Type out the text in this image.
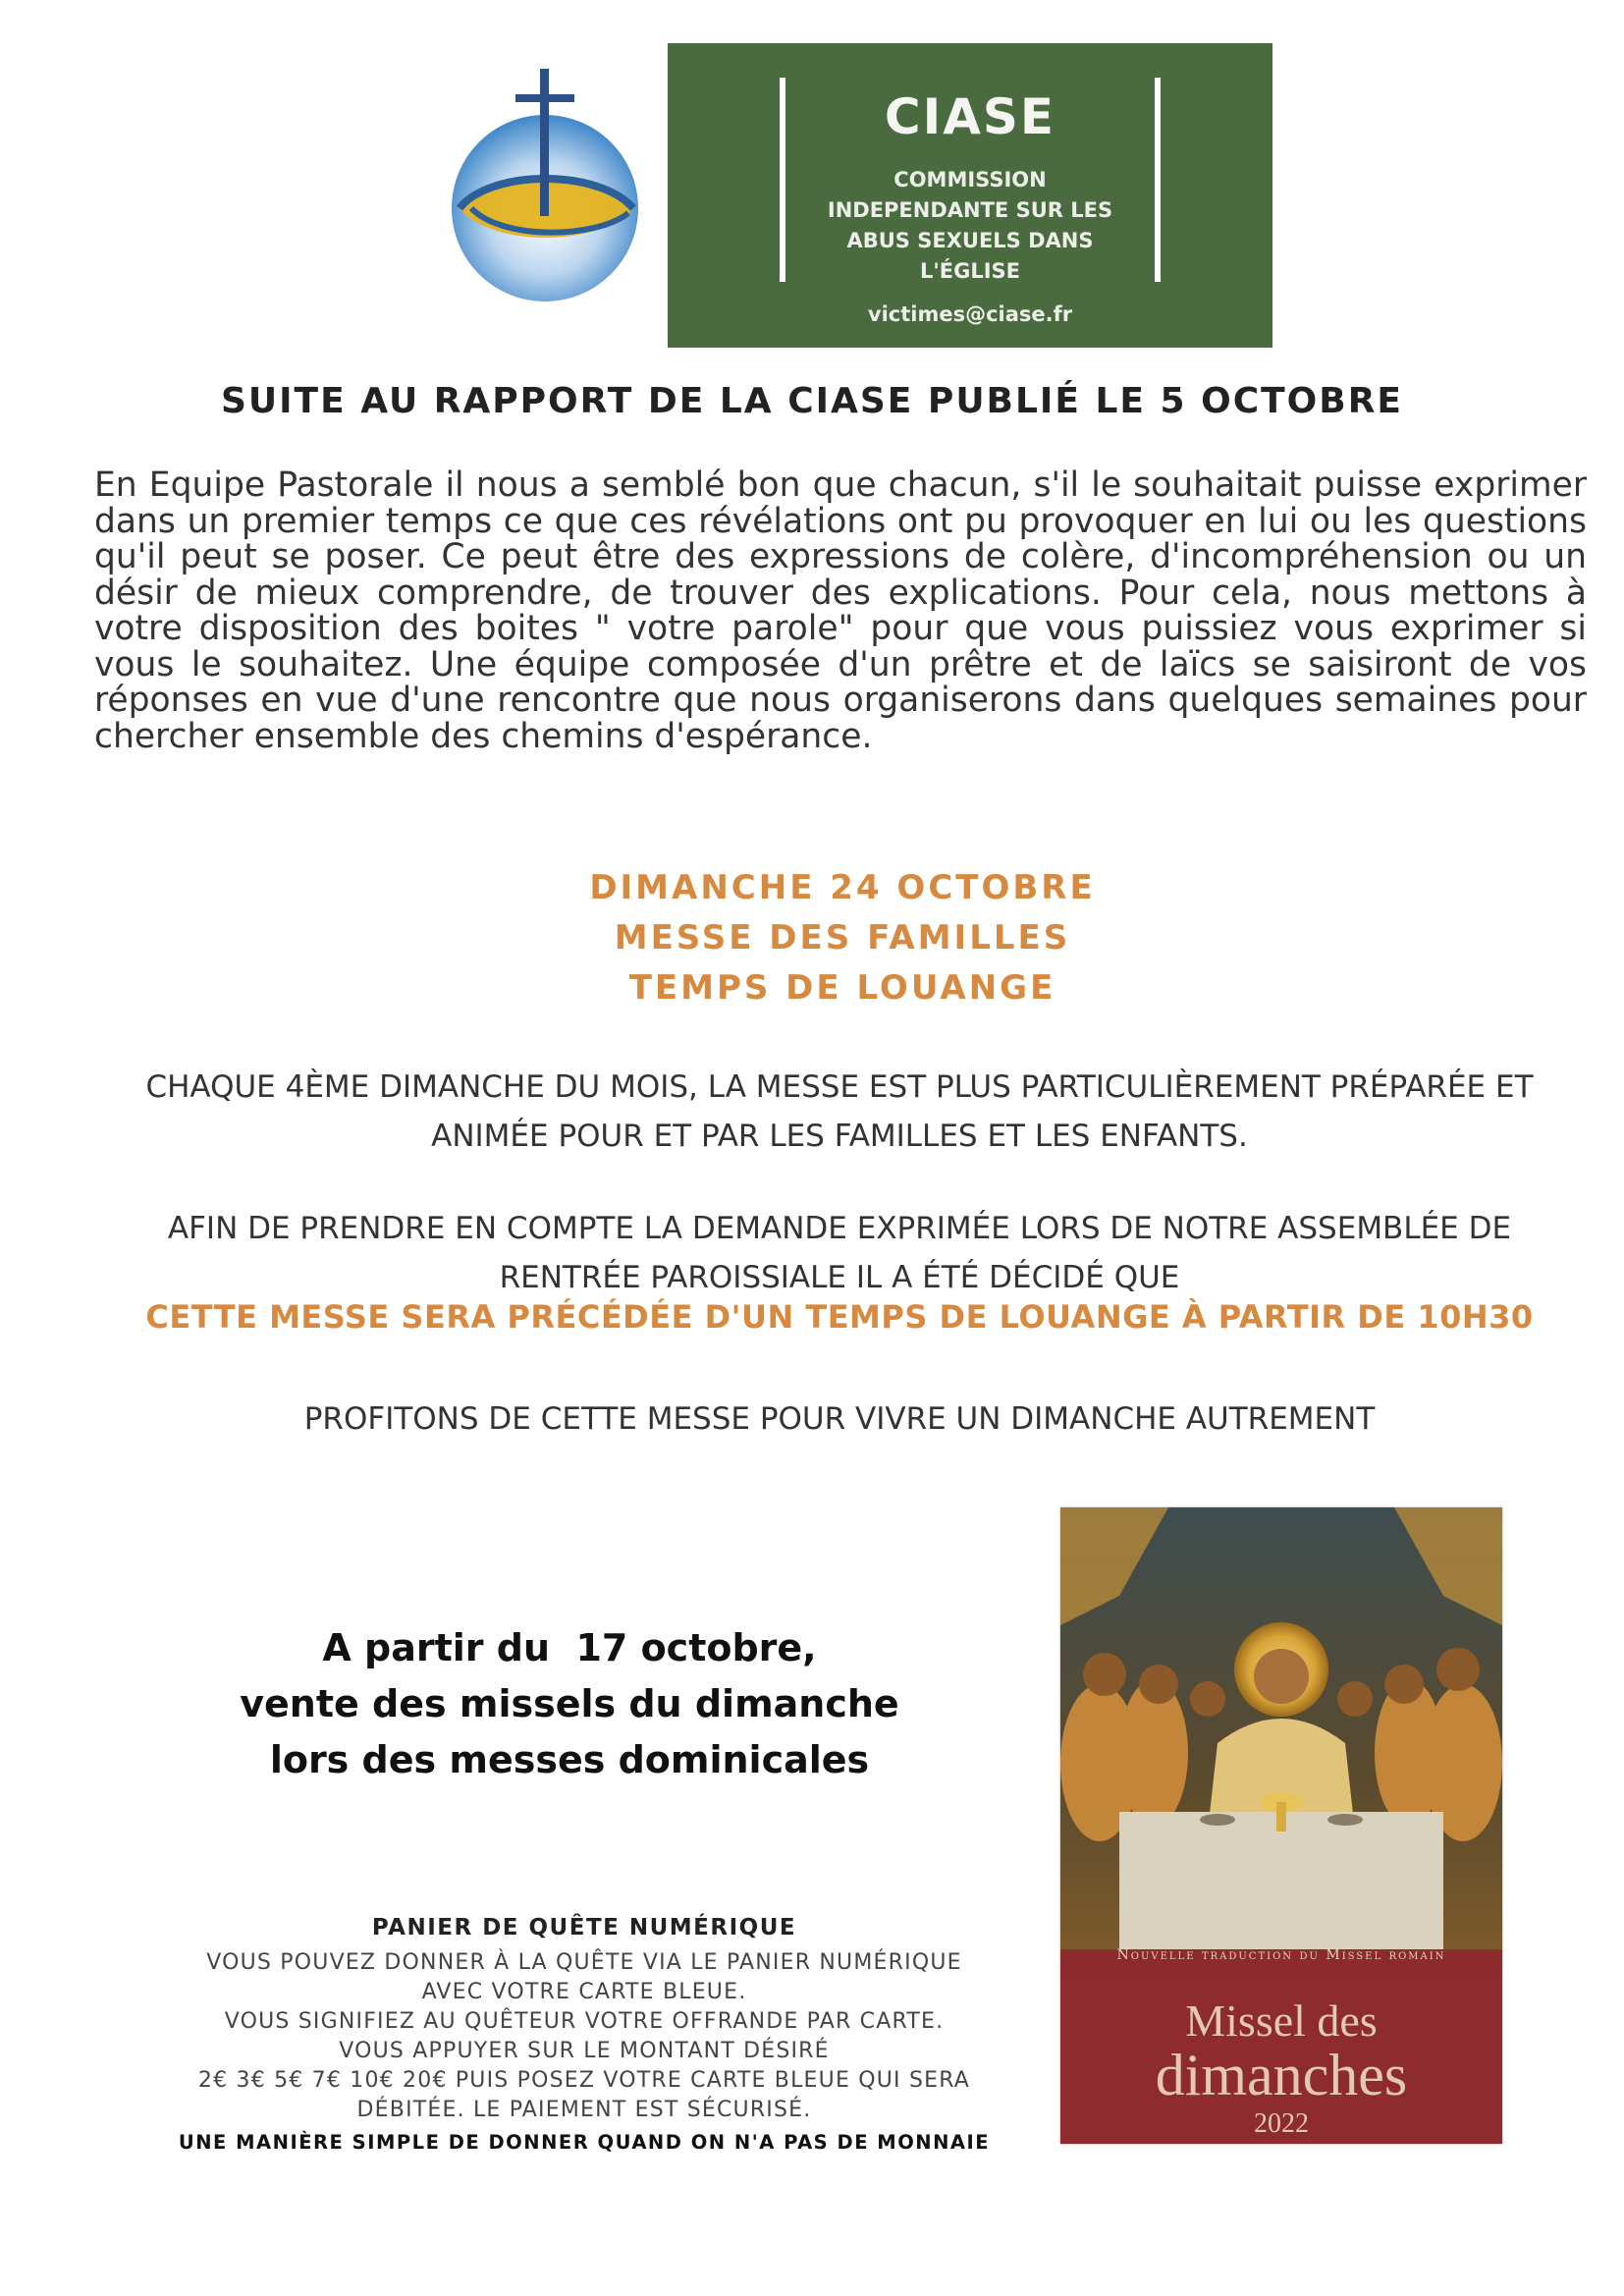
CIASE
COMMISSION
INDEPENDANTE SUR LES
ABUS SEXUELS DANS
L'ÉGLISE
victimes@ciase.fr
SUITE AU RAPPORT DE LA CIASE PUBLIÉ LE 5 OCTOBRE
En Equipe Pastorale il nous a semblé bon que chacun, s'il le souhaitait puisse exprimer dans un premier temps ce que ces révélations ont pu provoquer en lui ou les questions qu'il peut se poser. Ce peut être des expressions de colère, d'incompréhension ou un désir de mieux comprendre, de trouver des explications. Pour cela, nous mettons à votre disposition des boites " votre parole" pour que vous puissiez vous exprimer si vous le souhaitez. Une équipe composée d'un prêtre et de laïcs se saisiront de vos réponses en vue d'une rencontre que nous organiserons dans quelques semaines pour chercher ensemble des chemins d'espérance.
DIMANCHE 24 OCTOBRE
MESSE DES FAMILLES
TEMPS DE LOUANGE
CHAQUE 4ÈME DIMANCHE DU MOIS, LA MESSE EST PLUS PARTICULIÈREMENT PRÉPARÉE ET
ANIMÉE POUR ET PAR LES FAMILLES ET LES ENFANTS.
AFIN DE PRENDRE EN COMPTE LA DEMANDE EXPRIMÉE LORS DE NOTRE ASSEMBLÉE DE
RENTRÉE PAROISSIALE IL A ÉTÉ DÉCIDÉ QUE
CETTE MESSE SERA PRÉCÉDÉE D'UN TEMPS DE LOUANGE À PARTIR DE 10H30
PROFITONS DE CETTE MESSE POUR VIVRE UN DIMANCHE AUTREMENT
A partir du  17 octobre,
vente des missels du dimanche
lors des messes dominicales
PANIER DE QUÊTE NUMÉRIQUE
VOUS POUVEZ DONNER À LA QUÊTE VIA LE PANIER NUMÉRIQUE
AVEC VOTRE CARTE BLEUE.
VOUS SIGNIFIEZ AU QUÊTEUR VOTRE OFFRANDE PAR CARTE.
VOUS APPUYER SUR LE MONTANT DÉSIRÉ
2€ 3€ 5€ 7€ 10€ 20€ PUIS POSEZ VOTRE CARTE BLEUE QUI SERA
DÉBITÉE. LE PAIEMENT EST SÉCURISÉ.
UNE MANIÈRE SIMPLE DE DONNER QUAND ON N'A PAS DE MONNAIE
Nouvelle traduction du Missel romain
Missel des
dimanches
2022
